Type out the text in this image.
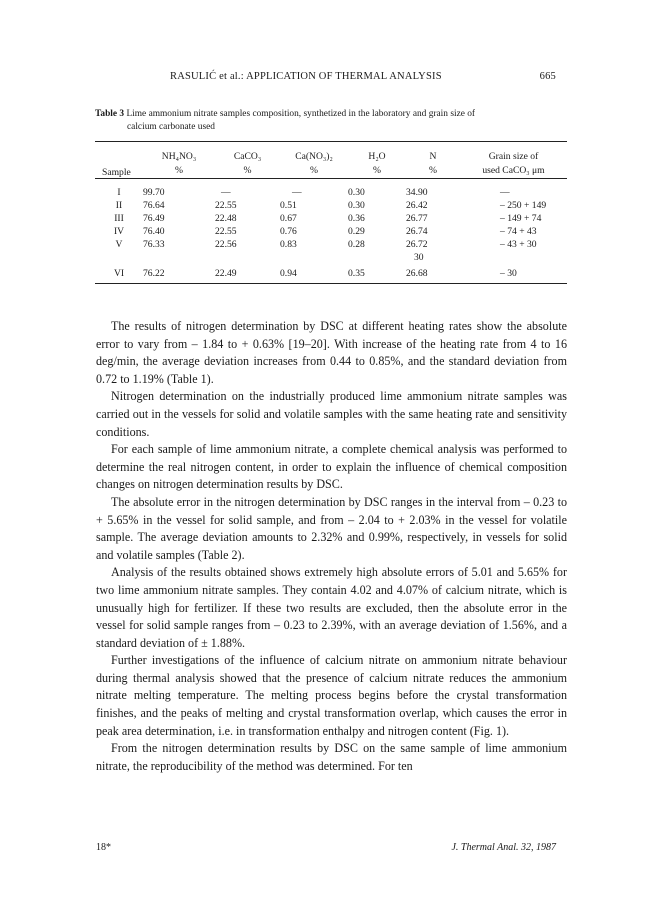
RASULIĆ et al.: APPLICATION OF THERMAL ANALYSIS	665
Table 3 Lime ammonium nitrate samples composition, synthetized in the laboratory and grain size of
calcium carbonate used
Sample	NH₄NO₃	CaCO₃	Ca(NO₃)₂	H₂O	N	Grain size of
used CaCO₃ μm
	%	%	%	%	%	
I	99.70	—	—	0.30	34.90	—
II	76.64	22.55	0.51	0.30	26.42	– 250 + 149
III	76.49	22.48	0.67	0.36	26.77	– 149 + 74
IV	76.40	22.55	0.76	0.29	26.74	– 74 + 43
V	76.33	22.56	0.83	0.28	26.72	– 43 + 30
					30	
VI	76.22	22.49	0.94	0.35	26.68	– 30

The results of nitrogen determination by DSC at different heating rates show the absolute error to vary from – 1.84 to + 0.63% [19–20]. With increase of the heating rate from 4 to 16 deg/min, the average deviation increases from 0.44 to 0.85%, and the standard deviation from 0.72 to 1.19% (Table 1).

Nitrogen determination on the industrially produced lime ammonium nitrate samples was carried out in the vessels for solid and volatile samples with the same heating rate and sensitivity conditions.

For each sample of lime ammonium nitrate, a complete chemical analysis was performed to determine the real nitrogen content, in order to explain the influence of chemical composition changes on nitrogen determination results by DSC.

The absolute error in the nitrogen determination by DSC ranges in the interval from – 0.23 to + 5.65% in the vessel for solid sample, and from – 2.04 to + 2.03% in the vessel for volatile sample. The average deviation amounts to 2.32% and 0.99%, respectively, in vessels for solid and volatile samples (Table 2).

Analysis of the results obtained shows extremely high absolute errors of 5.01 and 5.65% for two lime ammonium nitrate samples. They contain 4.02 and 4.07% of calcium nitrate, which is unusually high for fertilizer. If these two results are excluded, then the absolute error in the vessel for solid sample ranges from – 0.23 to 2.39%, with an average deviation of 1.56%, and a standard deviation of ± 1.88%.

Further investigations of the influence of calcium nitrate on ammonium nitrate behaviour during thermal analysis showed that the presence of calcium nitrate reduces the ammonium nitrate melting temperature. The melting process begins before the crystal transformation finishes, and the peaks of melting and crystal transformation overlap, which causes the error in peak area determination, i.e. in transformation enthalpy and nitrogen content (Fig. 1).

From the nitrogen determination results by DSC on the same sample of lime ammonium nitrate, the reproducibility of the method was determined. For ten

18*	J. Thermal Anal. 32, 1987
